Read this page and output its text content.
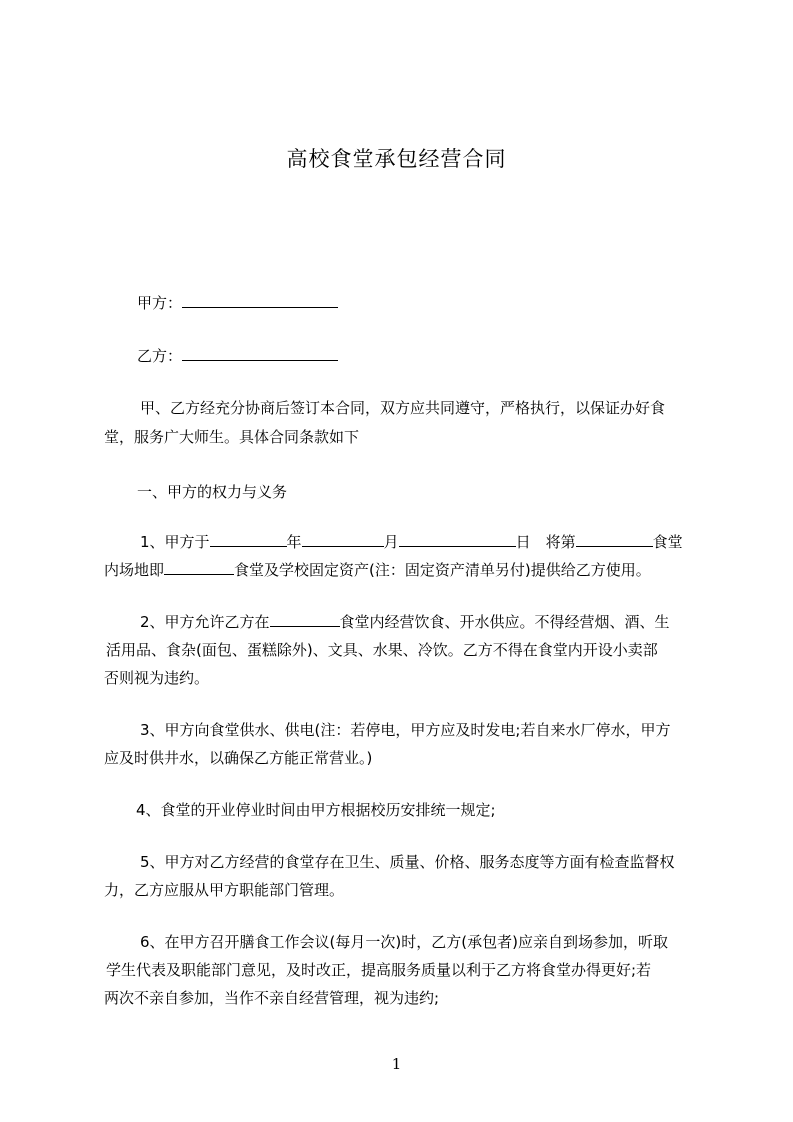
高校食堂承包经营合同
甲方：
乙方：
甲、乙方经充分协商后签订本合同，双方应共同遵守，严格执行，以保证办好食
堂，服务广大师生。具体合同条款如下
一、甲方的权力与义务
1、甲方于	年	月	日　将第	食堂
内场地即	食堂及学校固定资产(注：固定资产清单另付)提供给乙方使用。
2、甲方允许乙方在	食堂内经营饮食、开水供应。不得经营烟、酒、生
活用品、食杂(面包、蛋糕除外)、文具、水果、冷饮。乙方不得在食堂内开设小卖部
否则视为违约。
3、甲方向食堂供水、供电(注：若停电，甲方应及时发电;若自来水厂停水，甲方
应及时供井水，以确保乙方能正常营业。)
4、食堂的开业停业时间由甲方根据校历安排统一规定;
5、甲方对乙方经营的食堂存在卫生、质量、价格、服务态度等方面有检查监督权
力，乙方应服从甲方职能部门管理。
6、在甲方召开膳食工作会议(每月一次)时，乙方(承包者)应亲自到场参加，听取
学生代表及职能部门意见，及时改正，提高服务质量以利于乙方将食堂办得更好;若
两次不亲自参加，当作不亲自经营管理，视为违约;
1
